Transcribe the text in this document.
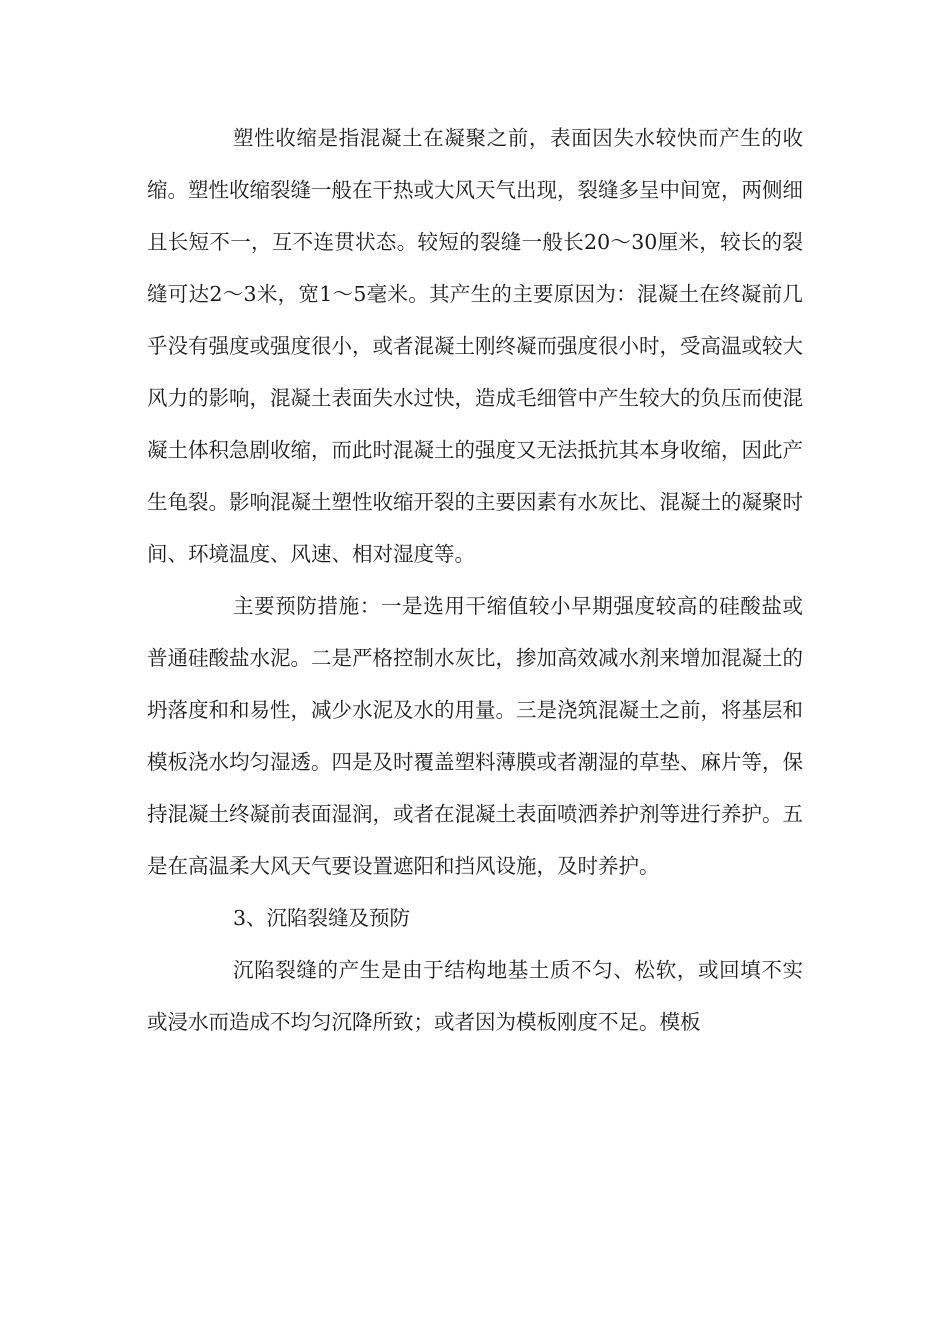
塑性收缩是指混凝土在凝聚之前，表面因失水较快而产生的收缩。塑性收缩裂缝一般在干热或大风天气出现，裂缝多呈中间宽，两侧细且长短不一，互不连贯状态。较短的裂缝一般长20～30厘米，较长的裂缝可达2～3米，宽1～5毫米。其产生的主要原因为：混凝土在终凝前几乎没有强度或强度很小，或者混凝土刚终凝而强度很小时，受高温或较大风力的影响，混凝土表面失水过快，造成毛细管中产生较大的负压而使混凝土体积急剧收缩，而此时混凝土的强度又无法抵抗其本身收缩，因此产生龟裂。影响混凝土塑性收缩开裂的主要因素有水灰比、混凝土的凝聚时间、环境温度、风速、相对湿度等。

主要预防措施：一是选用干缩值较小早期强度较高的硅酸盐或普通硅酸盐水泥。二是严格控制水灰比，掺加高效减水剂来增加混凝土的坍落度和和易性，减少水泥及水的用量。三是浇筑混凝土之前，将基层和模板浇水均匀湿透。四是及时覆盖塑料薄膜或者潮湿的草垫、麻片等，保持混凝土终凝前表面湿润，或者在混凝土表面喷洒养护剂等进行养护。五是在高温柔大风天气要设置遮阳和挡风设施，及时养护。

3、沉陷裂缝及预防

沉陷裂缝的产生是由于结构地基土质不匀、松软，或回填不实或浸水而造成不均匀沉降所致；或者因为模板刚度不足。模板
